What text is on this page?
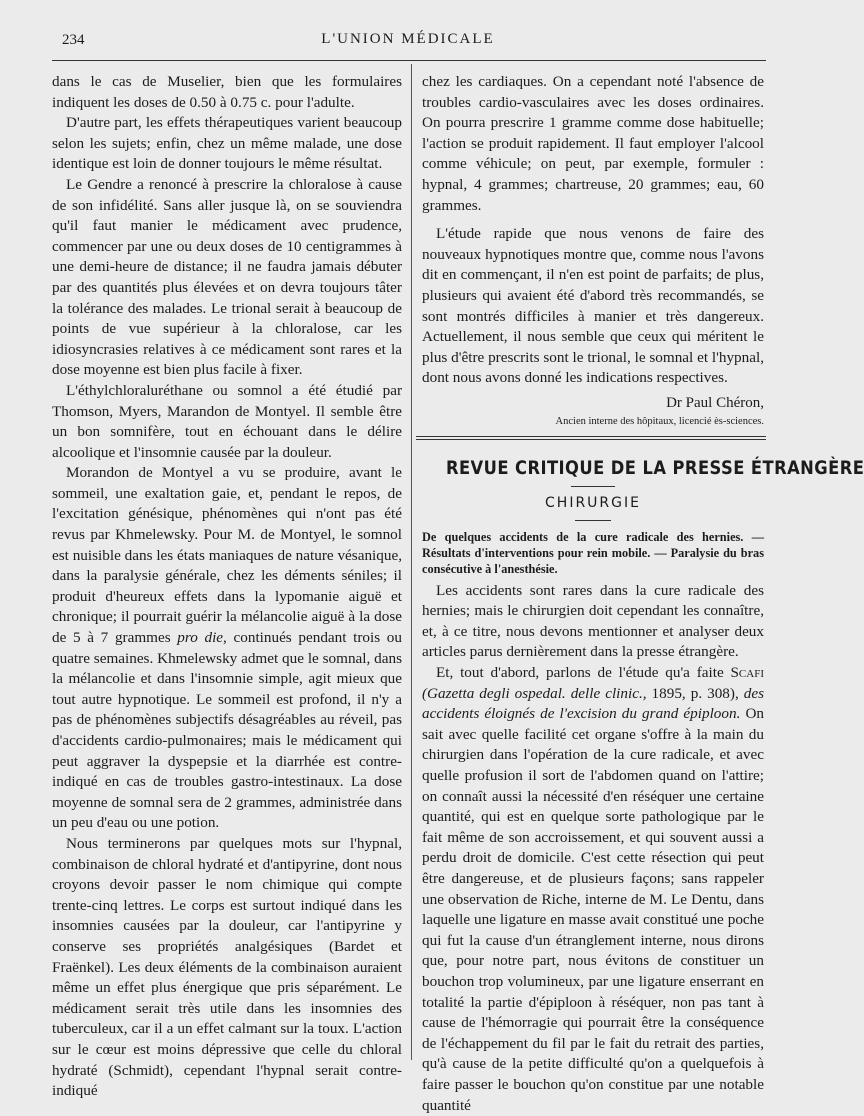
234	L'UNION MÉDICALE

dans le cas de Muselier, bien que les formulaires indiquent les doses de 0.50 à 0.75 c. pour l'adulte.

D'autre part, les effets thérapeutiques varient beaucoup selon les sujets; enfin, chez un même malade, une dose identique est loin de donner toujours le même résultat.

Le Gendre a renoncé à prescrire la chloralose à cause de son infidélité. Sans aller jusque là, on se souviendra qu'il faut manier le médicament avec prudence, commencer par une ou deux doses de 10 centigrammes à une demi-heure de distance; il ne faudra jamais débuter par des quantités plus élevées et on devra toujours tâter la tolérance des malades. Le trional serait à beaucoup de points de vue supérieur à la chloralose, car les idiosyncrasies relatives à ce médicament sont rares et la dose moyenne est bien plus facile à fixer.

L'éthylchloraluréthane ou somnol a été étudié par Thomson, Myers, Marandon de Montyel. Il semble être un bon somnifère, tout en échouant dans le délire alcoolique et l'insomnie causée par la douleur.

Morandon de Montyel a vu se produire, avant le sommeil, une exaltation gaie, et, pendant le repos, de l'excitation génésique, phénomènes qui n'ont pas été revus par Khmelewsky. Pour M. de Montyel, le somnol est nuisible dans les états maniaques de nature vésanique, dans la paralysie générale, chez les déments séniles; il produit d'heureux effets dans la lypomanie aiguë et chronique; il pourrait guérir la mélancolie aiguë à la dose de 5 à 7 grammes pro die, continués pendant trois ou quatre semaines. Khmelewsky admet que le somnal, dans la mélancolie et dans l'insomnie simple, agit mieux que tout autre hypnotique. Le sommeil est profond, il n'y a pas de phénomènes subjectifs désagréables au réveil, pas d'accidents cardio-pulmonaires; mais le médicament qui peut aggraver la dyspepsie et la diarrhée est contre-indiqué en cas de troubles gastro-intestinaux. La dose moyenne de somnal sera de 2 grammes, administrée dans un peu d'eau ou une potion.

Nous terminerons par quelques mots sur l'hypnal, combinaison de chloral hydraté et d'antipyrine, dont nous croyons devoir passer le nom chimique qui compte trente-cinq lettres. Le corps est surtout indiqué dans les insomnies causées par la douleur, car l'antipyrine y conserve ses propriétés analgésiques (Bardet et Fraënkel). Les deux éléments de la combinaison auraient même un effet plus énergique que pris séparément. Le médicament serait très utile dans les insomnies des tuberculeux, car il a un effet calmant sur la toux. L'action sur le cœur est moins dépressive que celle du chloral hydraté (Schmidt), cependant l'hypnal serait contre-indiqué

chez les cardiaques. On a cependant noté l'absence de troubles cardio-vasculaires avec les doses ordinaires. On pourra prescrire 1 gramme comme dose habituelle; l'action se produit rapidement. Il faut employer l'alcool comme véhicule; on peut, par exemple, formuler : hypnal, 4 grammes; chartreuse, 20 grammes; eau, 60 grammes.

L'étude rapide que nous venons de faire des nouveaux hypnotiques montre que, comme nous l'avons dit en commençant, il n'en est point de parfaits; de plus, plusieurs qui avaient été d'abord très recommandés, se sont montrés difficiles à manier et très dangereux. Actuellement, il nous semble que ceux qui méritent le plus d'être prescrits sont le trional, le somnal et l'hypnal, dont nous avons donné les indications respectives.

Dr Paul Chéron,
Ancien interne des hôpitaux, licencié ès-sciences.
REVUE CRITIQUE DE LA PRESSE ÉTRANGÈRE
CHIRURGIE

De quelques accidents de la cure radicale des hernies. — Résultats d'interventions pour rein mobile. — Paralysie du bras consécutive à l'anesthésie.

Les accidents sont rares dans la cure radicale des hernies; mais le chirurgien doit cependant les connaître, et, à ce titre, nous devons mentionner et analyser deux articles parus dernièrement dans la presse étrangère.

Et, tout d'abord, parlons de l'étude qu'a faite Scafi (Gazetta degli ospedal. delle clinic., 1895, p. 308), des accidents éloignés de l'excision du grand épiploon. On sait avec quelle facilité cet organe s'offre à la main du chirurgien dans l'opération de la cure radicale, et avec quelle profusion il sort de l'abdomen quand on l'attire; on connaît aussi la nécessité d'en réséquer une certaine quantité, qui est en quelque sorte pathologique par le fait même de son accroissement, et qui souvent aussi a perdu droit de domicile. C'est cette résection qui peut être dangereuse, et de plusieurs façons; sans rappeler une observation de Riche, interne de M. Le Dentu, dans laquelle une ligature en masse avait constitué une poche qui fut la cause d'un étranglement interne, nous dirons que, pour notre part, nous évitons de constituer un bouchon trop volumineux, par une ligature enserrant en totalité la partie d'épiploon à réséquer, non pas tant à cause de l'hémorragie qui pourrait être la conséquence de l'échappement du fil par le fait du retrait des parties, qu'à cause de la petite difficulté qu'on a quelquefois à faire passer le bouchon qu'on constitue par une notable quantité
